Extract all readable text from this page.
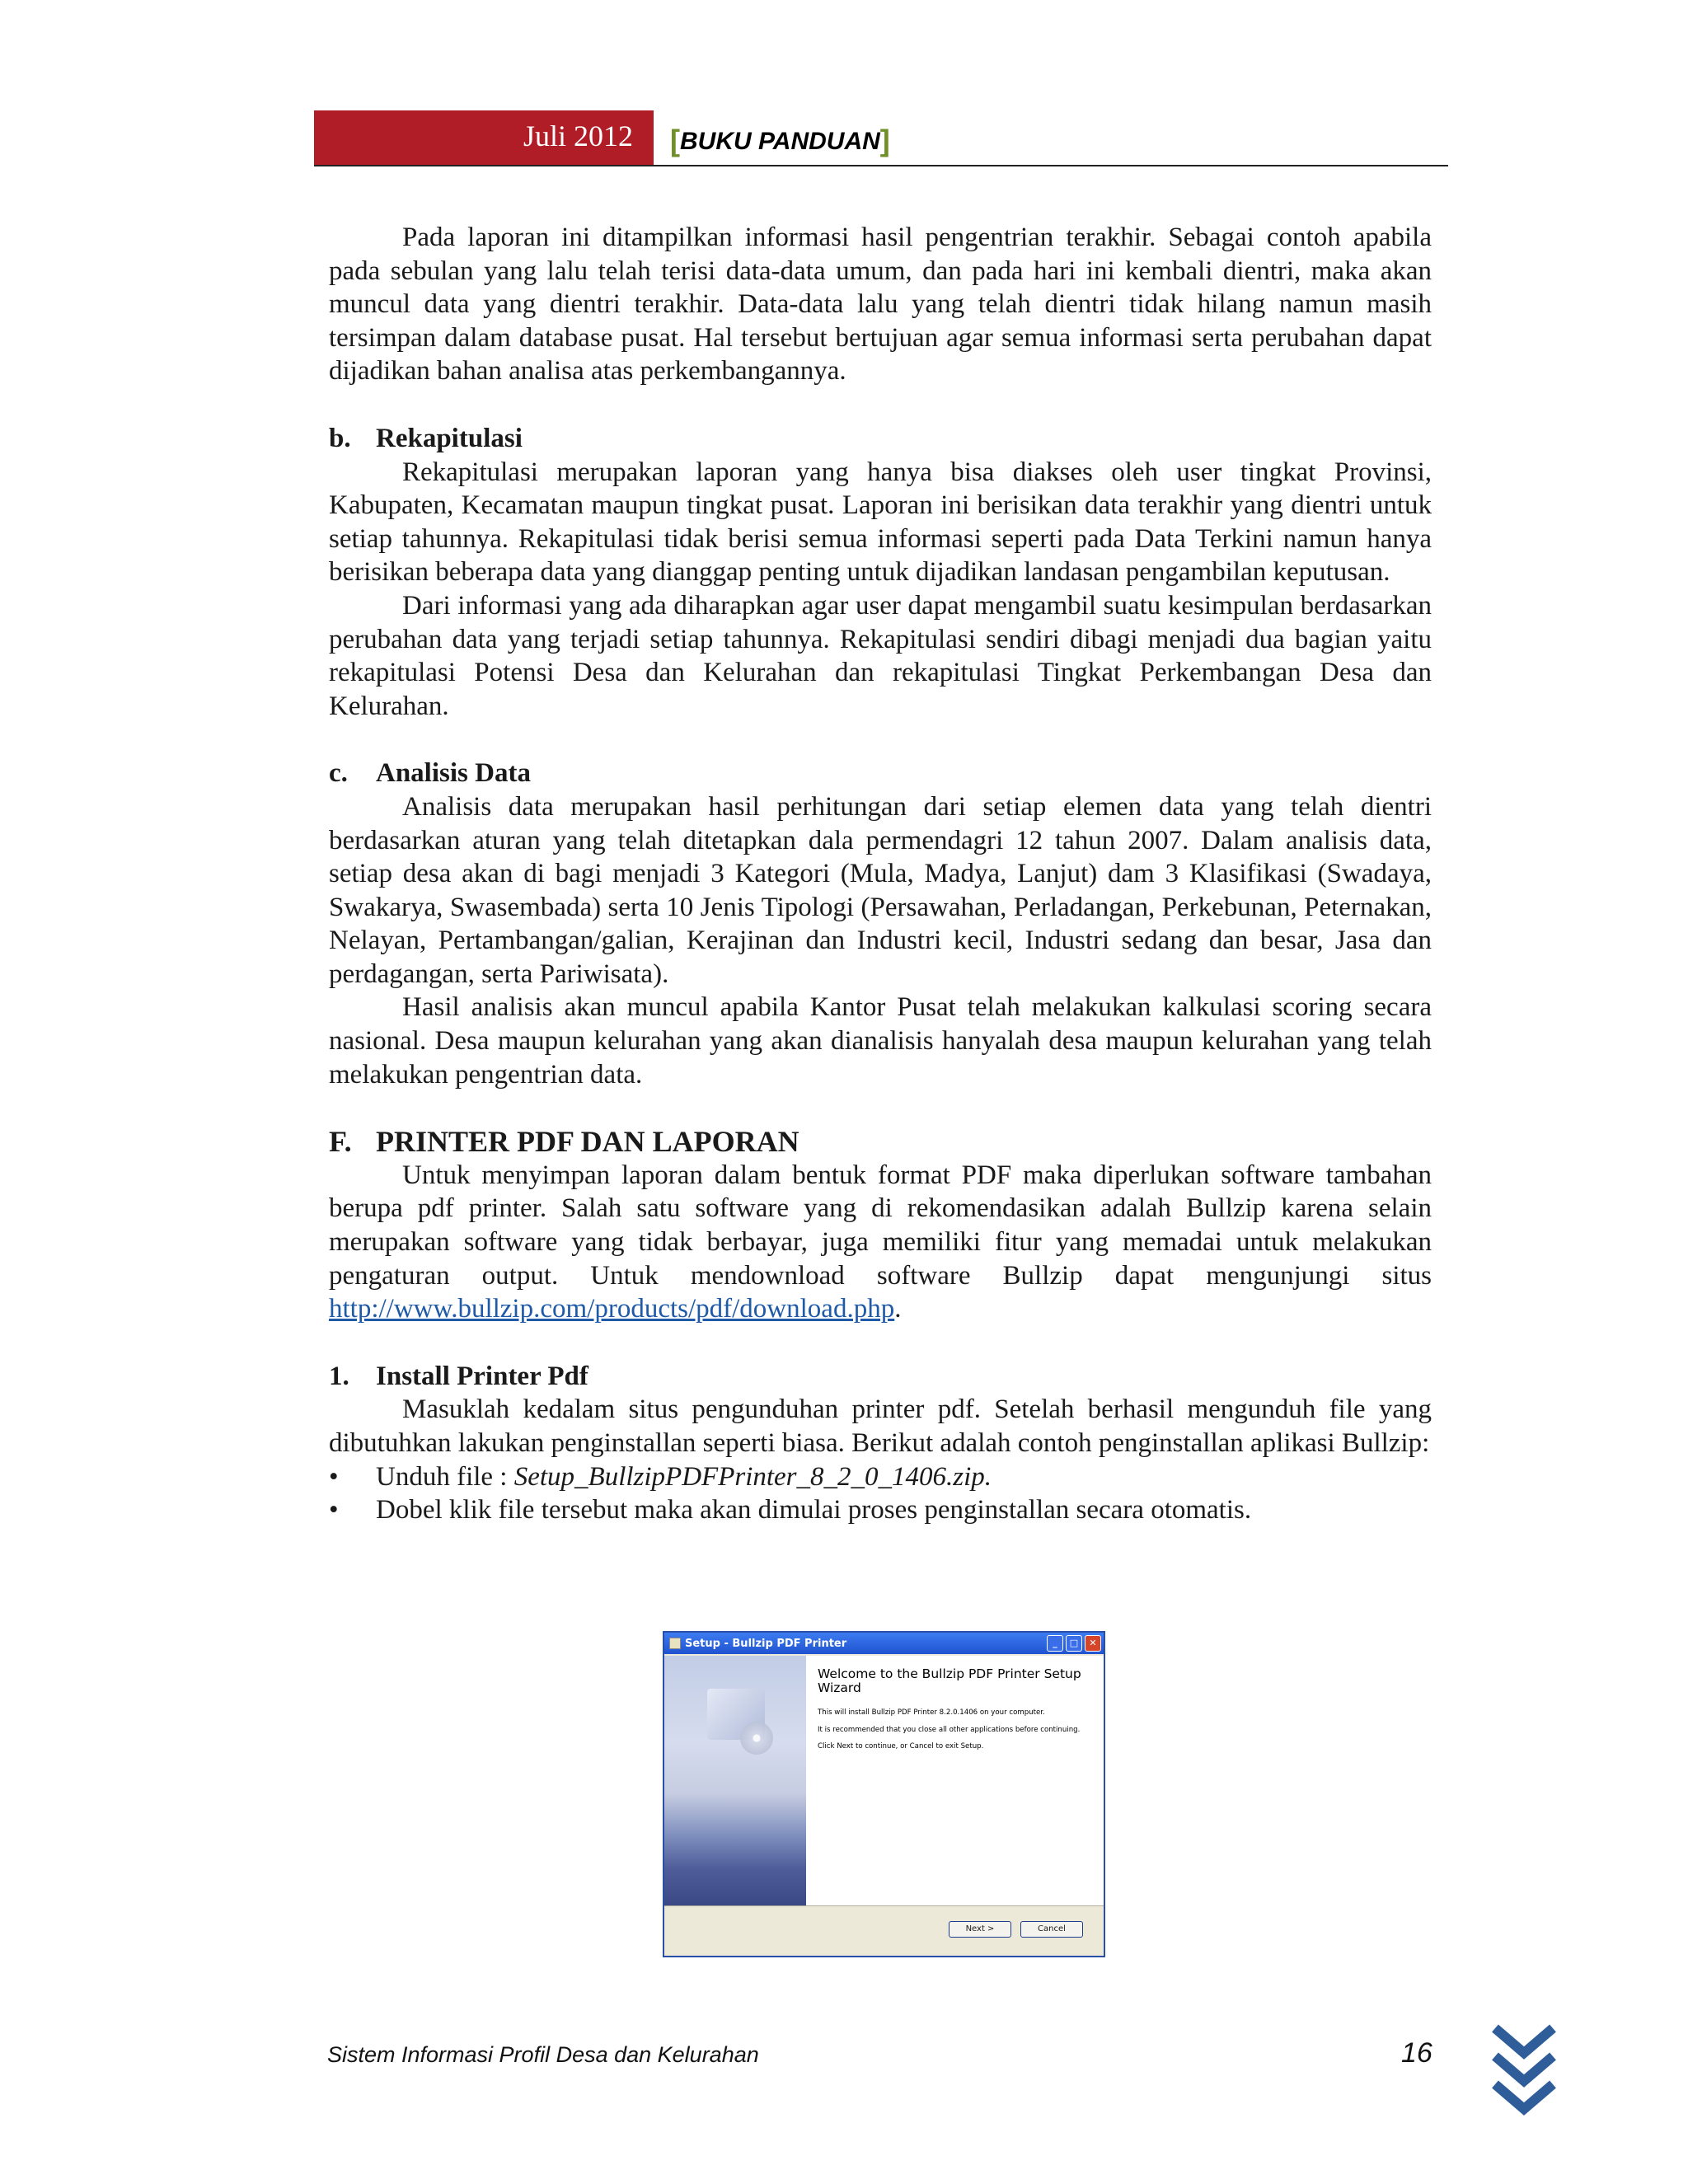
Juli 2012 [BUKU PANDUAN]

Pada laporan ini ditampilkan informasi hasil pengentrian terakhir. Sebagai contoh apabila pada sebulan yang lalu telah terisi data-data umum, dan pada hari ini kembali dientri, maka akan muncul data yang dientri terakhir. Data-data lalu yang telah dientri tidak hilang namun masih tersimpan dalam database pusat. Hal tersebut bertujuan agar semua informasi serta perubahan dapat dijadikan bahan analisa atas perkembangannya.

b. Rekapitulasi

Rekapitulasi merupakan laporan yang hanya bisa diakses oleh user tingkat Provinsi, Kabupaten, Kecamatan maupun tingkat pusat. Laporan ini berisikan data terakhir yang dientri untuk setiap tahunnya. Rekapitulasi tidak berisi semua informasi seperti pada Data Terkini namun hanya berisikan beberapa data yang dianggap penting untuk dijadikan landasan pengambilan keputusan.

Dari informasi yang ada diharapkan agar user dapat mengambil suatu kesimpulan berdasarkan perubahan data yang terjadi setiap tahunnya. Rekapitulasi sendiri dibagi menjadi dua bagian yaitu rekapitulasi Potensi Desa dan Kelurahan dan rekapitulasi Tingkat Perkembangan Desa dan Kelurahan.

c.	Analisis Data

Analisis data merupakan hasil perhitungan dari setiap elemen data yang telah dientri berdasarkan aturan yang telah ditetapkan dala permendagri 12 tahun 2007. Dalam analisis data, setiap desa akan di bagi menjadi 3 Kategori (Mula, Madya, Lanjut) dam 3 Klasifikasi (Swadaya, Swakarya, Swasembada) serta 10 Jenis Tipologi (Persawahan, Perladangan, Perkebunan, Peternakan, Nelayan, Pertambangan/galian, Kerajinan dan Industri kecil, Industri sedang dan besar, Jasa dan perdagangan, serta Pariwisata).

Hasil analisis akan muncul apabila Kantor Pusat telah melakukan kalkulasi scoring secara nasional. Desa maupun kelurahan yang akan dianalisis hanyalah desa maupun kelurahan yang telah melakukan pengentrian data.

F. PRINTER PDF DAN LAPORAN

Untuk menyimpan laporan dalam bentuk format PDF maka diperlukan software tambahan berupa pdf printer. Salah satu software yang di rekomendasikan adalah Bullzip karena selain merupakan software yang tidak berbayar, juga memiliki fitur yang memadai untuk melakukan pengaturan output. Untuk mendownload software Bullzip dapat mengunjungi situs http://www.bullzip.com/products/pdf/download.php.

1. Install Printer Pdf

Masuklah kedalam situs pengunduhan printer pdf. Setelah berhasil mengunduh file yang dibutuhkan lakukan penginstallan seperti biasa. Berikut adalah contoh penginstallan aplikasi Bullzip:

•	Unduh file : Setup_BullzipPDFPrinter_8_2_0_1406.zip.

•	Dobel klik file tersebut maka akan dimulai proses penginstallan secara otomatis.

Setup - Bullzip PDF Printer	_	□	✕

Welcome to the Bullzip PDF Printer Setup Wizard

This will install Bullzip PDF Printer 8.2.0.1406 on your computer.

It is recommended that you close all other applications before continuing.

Click Next to continue, or Cancel to exit Setup.

Next >	Cancel
Sistem Informasi Profil Desa dan Kelurahan	16
